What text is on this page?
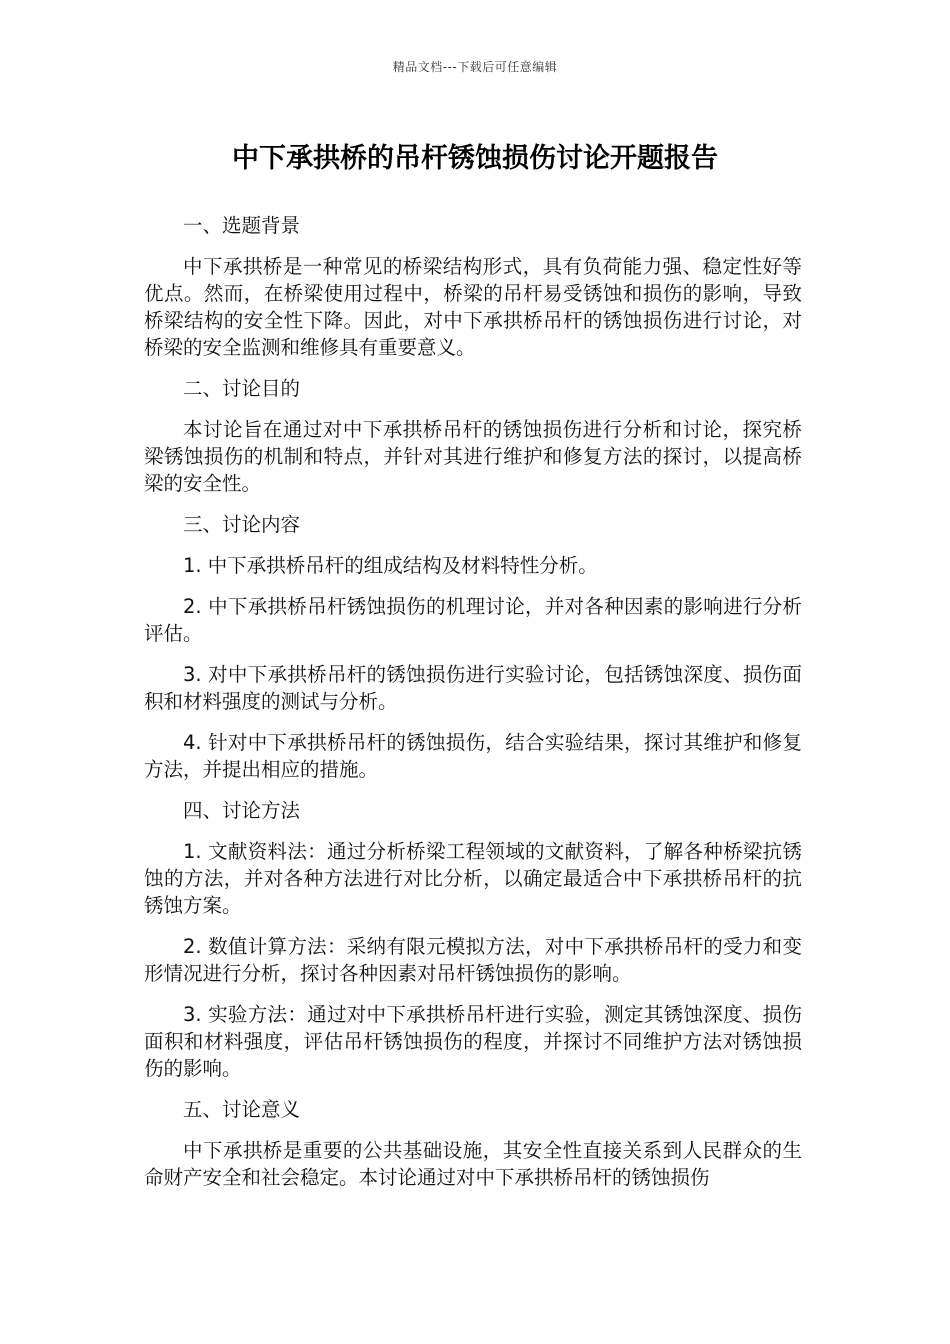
精品文档---下载后可任意编辑
中下承拱桥的吊杆锈蚀损伤讨论开题报告

一、选题背景

中下承拱桥是一种常见的桥梁结构形式，具有负荷能力强、稳定性好等优点。然而，在桥梁使用过程中，桥梁的吊杆易受锈蚀和损伤的影响，导致桥梁结构的安全性下降。因此，对中下承拱桥吊杆的锈蚀损伤进行讨论，对桥梁的安全监测和维修具有重要意义。

二、讨论目的

本讨论旨在通过对中下承拱桥吊杆的锈蚀损伤进行分析和讨论，探究桥梁锈蚀损伤的机制和特点，并针对其进行维护和修复方法的探讨，以提高桥梁的安全性。

三、讨论内容

1. 中下承拱桥吊杆的组成结构及材料特性分析。

2. 中下承拱桥吊杆锈蚀损伤的机理讨论，并对各种因素的影响进行分析评估。

3. 对中下承拱桥吊杆的锈蚀损伤进行实验讨论，包括锈蚀深度、损伤面积和材料强度的测试与分析。

4. 针对中下承拱桥吊杆的锈蚀损伤，结合实验结果，探讨其维护和修复方法，并提出相应的措施。

四、讨论方法

1. 文献资料法：通过分析桥梁工程领域的文献资料，了解各种桥梁抗锈蚀的方法，并对各种方法进行对比分析，以确定最适合中下承拱桥吊杆的抗锈蚀方案。

2. 数值计算方法：采纳有限元模拟方法，对中下承拱桥吊杆的受力和变形情况进行分析，探讨各种因素对吊杆锈蚀损伤的影响。

3. 实验方法：通过对中下承拱桥吊杆进行实验，测定其锈蚀深度、损伤面积和材料强度，评估吊杆锈蚀损伤的程度，并探讨不同维护方法对锈蚀损伤的影响。

五、讨论意义

中下承拱桥是重要的公共基础设施，其安全性直接关系到人民群众的生命财产安全和社会稳定。本讨论通过对中下承拱桥吊杆的锈蚀损伤
